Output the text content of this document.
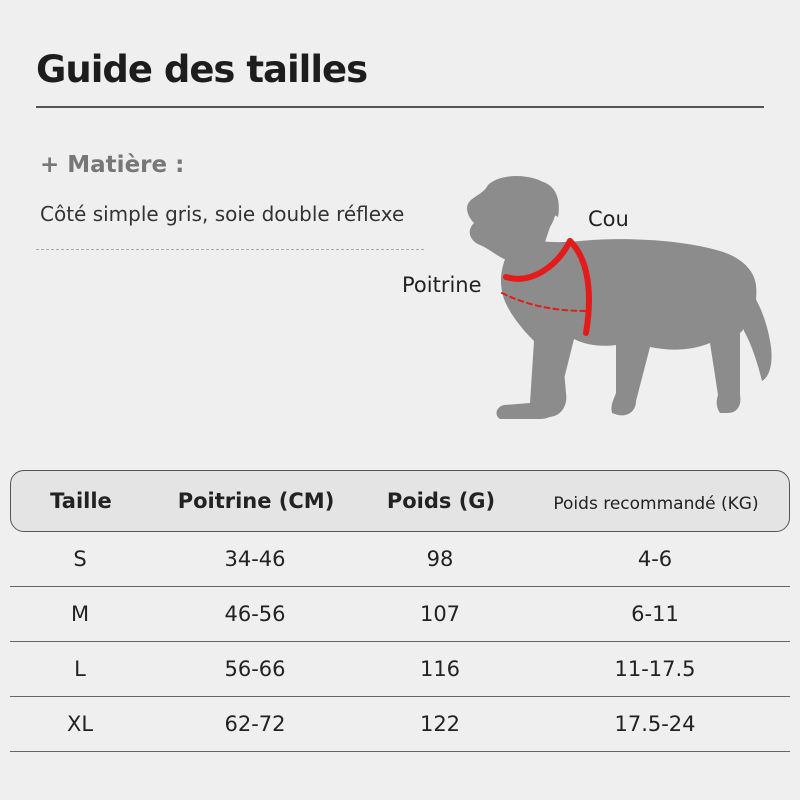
Guide des tailles
+ Matière :
Côté simple gris, soie double réflexe	Cou
Poitrine
Taille	Poitrine (CM)	Poids (G)	Poids recommandé (KG)
S	34-46	98	4-6
M	46-56	107	6-11
L	56-66	116	11-17.5
XL	62-72	122	17.5-24
